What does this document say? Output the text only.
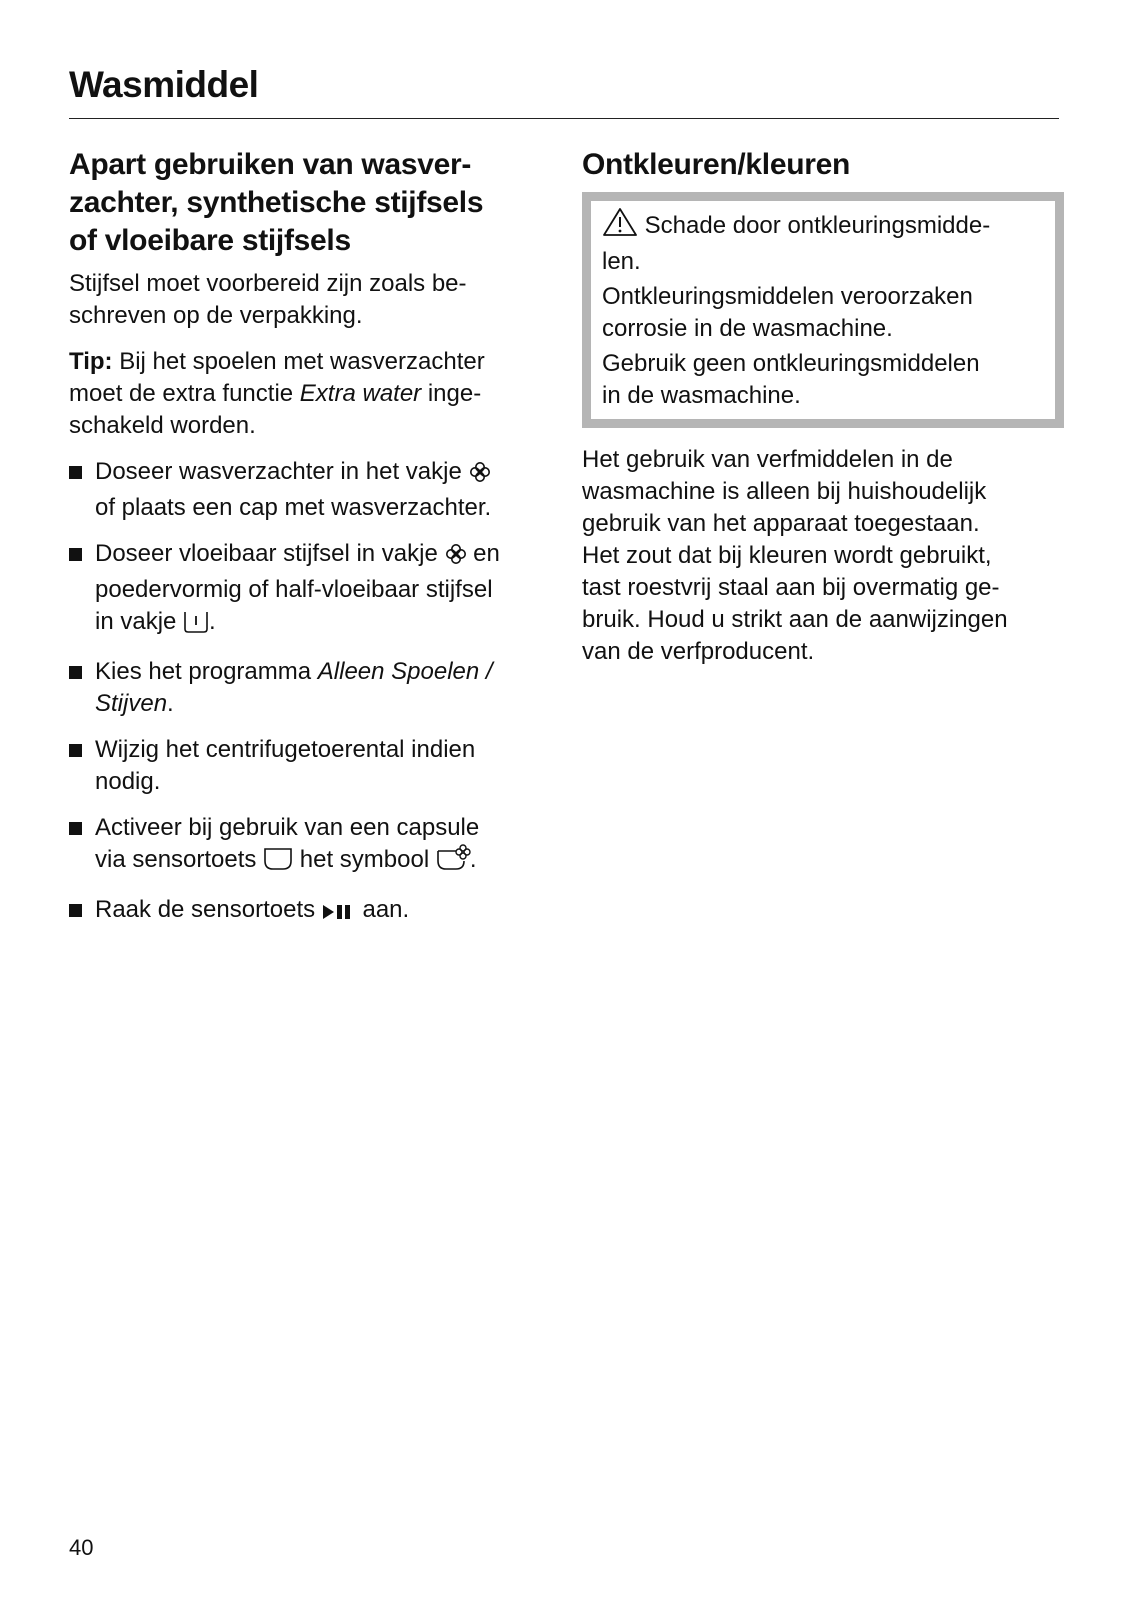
Wasmiddel
Apart gebruiken van wasver-
zachter, synthetische stijfsels
of vloeibare stijfsels

Stijfsel moet voorbereid zijn zoals be-
schreven op de verpakking.

Tip: Bij het spoelen met wasverzachter
moet de extra functie Extra water inge-
schakeld worden.

Doseer wasverzachter in het vakje
of plaats een cap met wasverzachter.
Doseer vloeibaar stijfsel in vakje  en
poedervormig of half-vloeibaar stijfsel
in vakje .
Kies het programma Alleen Spoelen /
Stijven.
Wijzig het centrifugetoerental indien
nodig.
Activeer bij gebruik van een capsule
via sensortoets  het symbool .
Raak de sensortoets  aan.
Ontkleuren/kleuren
Schade door ontkleuringsmidde-
len.
Ontkleuringsmiddelen veroorzaken
corrosie in de wasmachine.
Gebruik geen ontkleuringsmiddelen
in de wasmachine.

Het gebruik van verfmiddelen in de
wasmachine is alleen bij huishoudelijk
gebruik van het apparaat toegestaan.
Het zout dat bij kleuren wordt gebruikt,
tast roestvrij staal aan bij overmatig ge-
bruik. Houd u strikt aan de aanwijzingen
van de verfproducent.

40
